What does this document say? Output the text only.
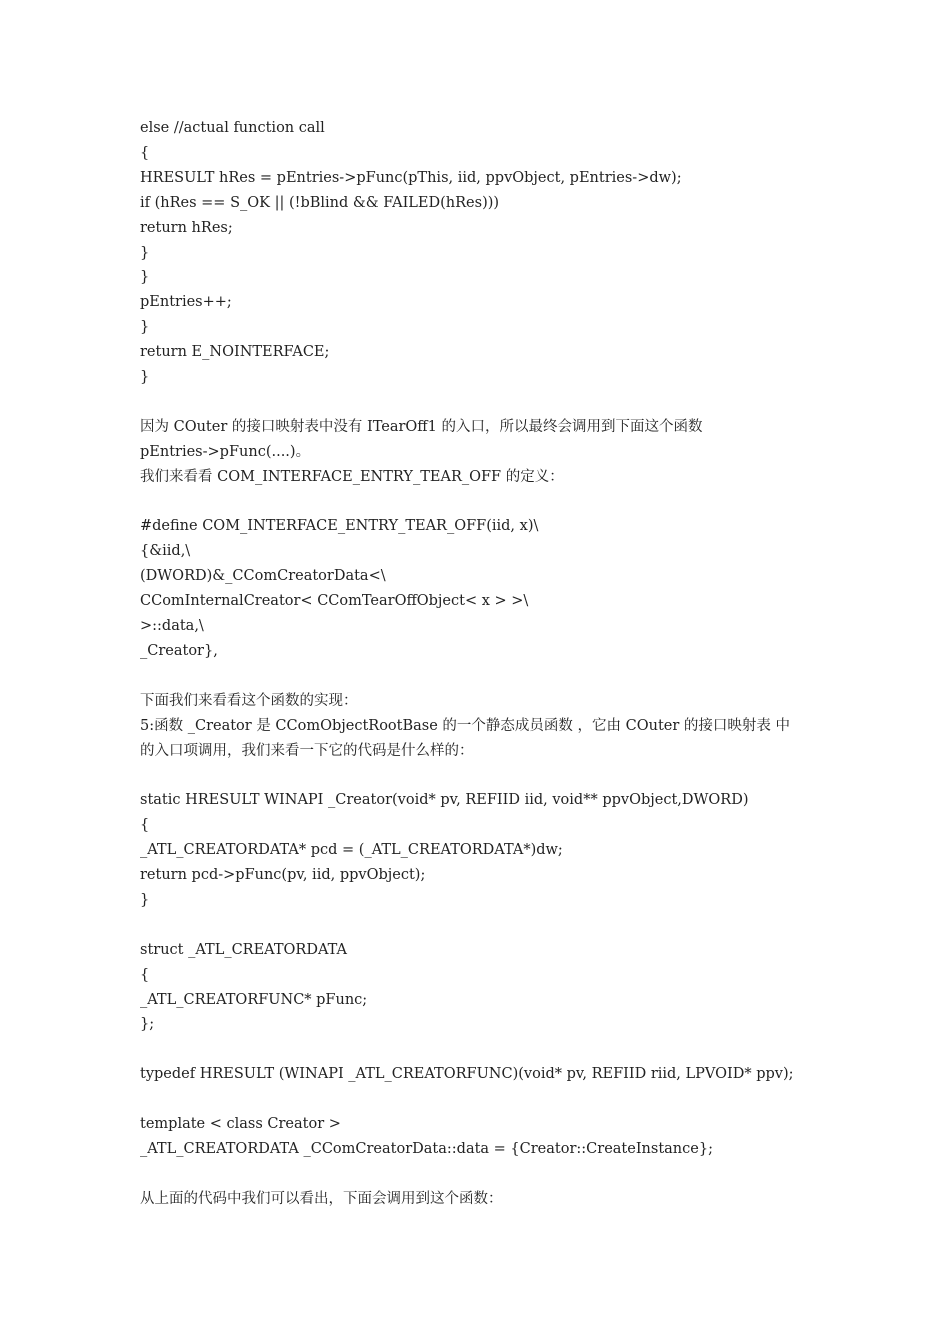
else //actual function call
{
HRESULT hRes = pEntries->pFunc(pThis, iid, ppvObject, pEntries->dw);
if (hRes == S_OK || (!bBlind && FAILED(hRes)))
return hRes;
}
}
pEntries++;
}
return E_NOINTERFACE;
}
因为 COuter 的接口映射表中没有 ITearOff1 的入口，所以最终会调用到下面这个函数
pEntries->pFunc(....)。
我们来看看 COM_INTERFACE_ENTRY_TEAR_OFF 的定义：
#define COM_INTERFACE_ENTRY_TEAR_OFF(iid, x)\
{&iid,\
(DWORD)&_CComCreatorData<\
CComInternalCreator< CComTearOffObject< x > >\
>::data,\
_Creator},
下面我们来看看这个函数的实现：
5:函数 _Creator 是 CComObjectRootBase 的一个静态成员函数 ，它由 COuter 的接口映射表 中
的入口项调用，我们来看一下它的代码是什么样的：
static HRESULT WINAPI _Creator(void* pv, REFIID iid, void** ppvObject,DWORD)
{
_ATL_CREATORDATA* pcd = (_ATL_CREATORDATA*)dw;
return pcd->pFunc(pv, iid, ppvObject);
}
struct _ATL_CREATORDATA
{
_ATL_CREATORFUNC* pFunc;
};
typedef HRESULT (WINAPI _ATL_CREATORFUNC)(void* pv, REFIID riid, LPVOID* ppv);
template < class Creator >
_ATL_CREATORDATA _CComCreatorData::data = {Creator::CreateInstance};
从上面的代码中我们可以看出，下面会调用到这个函数：
